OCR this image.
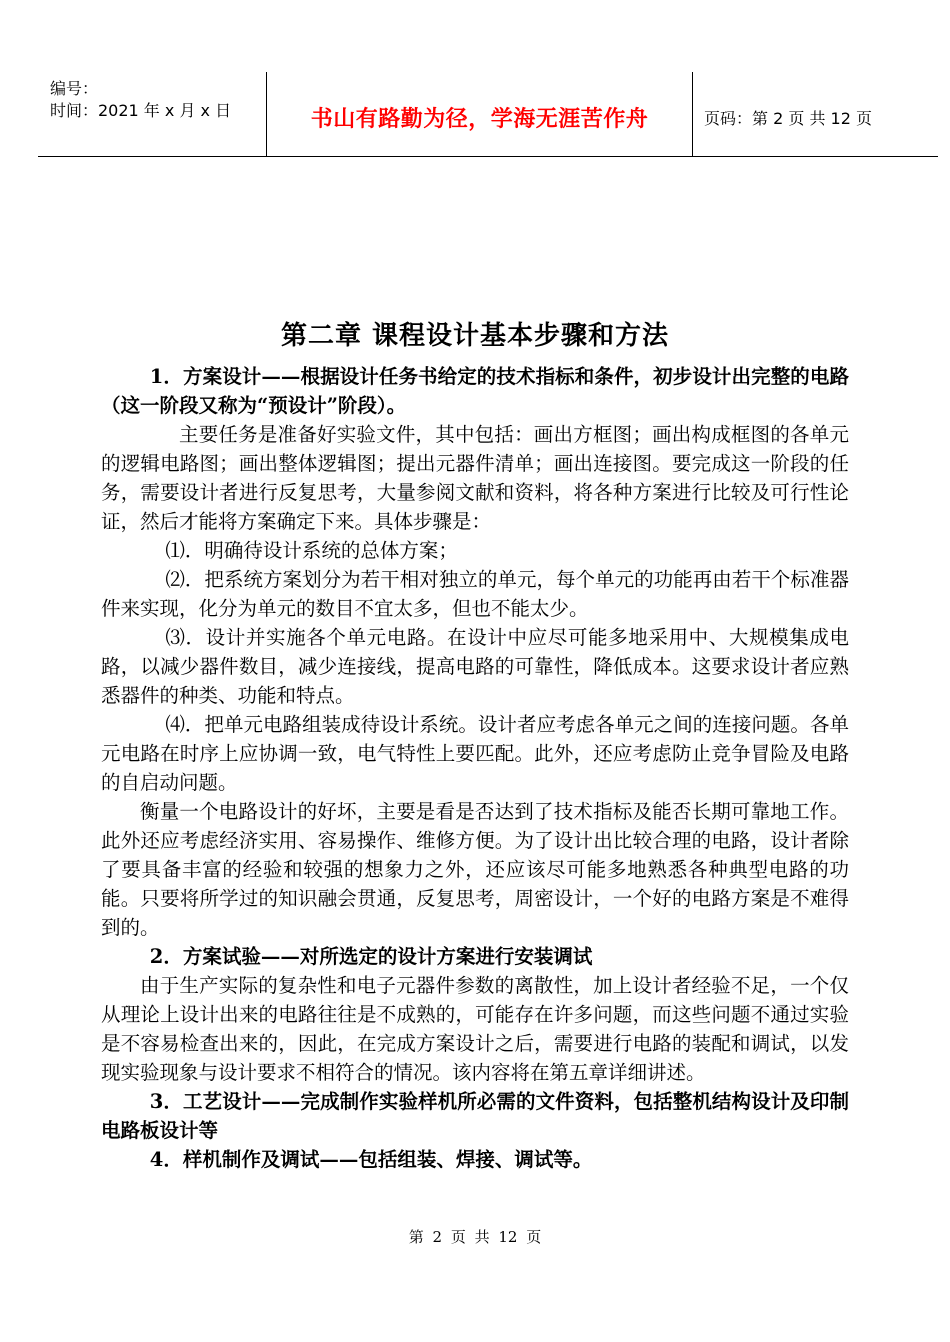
编号：
时间：2021 年 x 月 x 日	书山有路勤为径，学海无涯苦作舟	页码：第 2 页 共 12 页
第二章 课程设计基本步骤和方法

1．方案设计——根据设计任务书给定的技术指标和条件，初步设计出完整的电路（这一阶段又称为“预设计”阶段）。

主要任务是准备好实验文件，其中包括：画出方框图；画出构成框图的各单元的逻辑电路图；画出整体逻辑图；提出元器件清单；画出连接图。要完成这一阶段的任务，需要设计者进行反复思考，大量参阅文献和资料，将各种方案进行比较及可行性论证，然后才能将方案确定下来。具体步骤是：

⑴．明确待设计系统的总体方案；

⑵．把系统方案划分为若干相对独立的单元，每个单元的功能再由若干个标准器件来实现，化分为单元的数目不宜太多，但也不能太少。

⑶．设计并实施各个单元电路。在设计中应尽可能多地采用中、大规模集成电路，以减少器件数目，减少连接线，提高电路的可靠性，降低成本。这要求设计者应熟悉器件的种类、功能和特点。

⑷．把单元电路组装成待设计系统。设计者应考虑各单元之间的连接问题。各单元电路在时序上应协调一致，电气特性上要匹配。此外，还应考虑防止竞争冒险及电路的自启动问题。

衡量一个电路设计的好坏，主要是看是否达到了技术指标及能否长期可靠地工作。此外还应考虑经济实用、容易操作、维修方便。为了设计出比较合理的电路，设计者除了要具备丰富的经验和较强的想象力之外，还应该尽可能多地熟悉各种典型电路的功能。只要将所学过的知识融会贯通，反复思考，周密设计，一个好的电路方案是不难得到的。

2．方案试验——对所选定的设计方案进行安装调试

由于生产实际的复杂性和电子元器件参数的离散性，加上设计者经验不足，一个仅从理论上设计出来的电路往往是不成熟的，可能存在许多问题，而这些问题不通过实验是不容易检查出来的，因此，在完成方案设计之后，需要进行电路的装配和调试，以发现实验现象与设计要求不相符合的情况。该内容将在第五章详细讲述。

3．工艺设计——完成制作实验样机所必需的文件资料，包括整机结构设计及印制电路板设计等

4．样机制作及调试——包括组装、焊接、调试等。

第 2 页 共 12 页
